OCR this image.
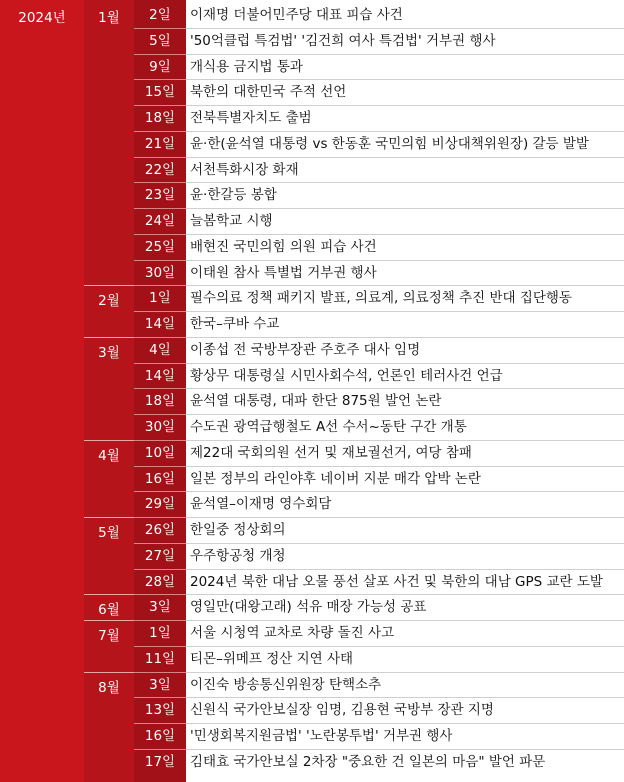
2024년	1월	2일	이재명 더불어민주당 대표 피습 사건
5일	'50억클럽 특검법' '김건희 여사 특검법' 거부권 행사
9일	개식용 금지법 통과
15일	북한의 대한민국 주적 선언
18일	전북특별자치도 출범
21일	윤·한(윤석열 대통령 vs 한동훈 국민의힘 비상대책위원장) 갈등 발발
22일	서천특화시장 화재
23일	윤·한갈등 봉합
24일	늘봄학교 시행
25일	배현진 국민의힘 의원 피습 사건
30일	이태원 참사 특별법 거부권 행사
2월	1일	필수의료 정책 패키지 발표, 의료계, 의료정책 추진 반대 집단행동
14일	한국–쿠바 수교
3월	4일	이종섭 전 국방부장관 주호주 대사 임명
14일	황상무 대통령실 시민사회수석, 언론인 테러사건 언급
18일	윤석열 대통령, 대파 한단 875원 발언 논란
30일	수도권 광역급행철도 A선 수서~동탄 구간 개통
4월	10일	제22대 국회의원 선거 및 재보궐선거, 여당 참패
16일	일본 정부의 라인야후 네이버 지분 매각 압박 논란
29일	윤석열–이재명 영수회담
5월	26일	한일중 정상회의
27일	우주항공청 개청
28일	2024년 북한 대남 오물 풍선 살포 사건 및 북한의 대남 GPS 교란 도발
6월	3일	영일만(대왕고래) 석유 매장 가능성 공표
7월	1일	서울 시청역 교차로 차량 돌진 사고
11일	티몬–위메프 정산 지연 사태
8월	3일	이진숙 방송통신위원장 탄핵소추
13일	신원식 국가안보실장 임명, 김용현 국방부 장관 지명
16일	'민생회복지원금법' '노란봉투법' 거부권 행사
17일	김태효 국가안보실 2차장 "중요한 건 일본의 마음" 발언 파문
